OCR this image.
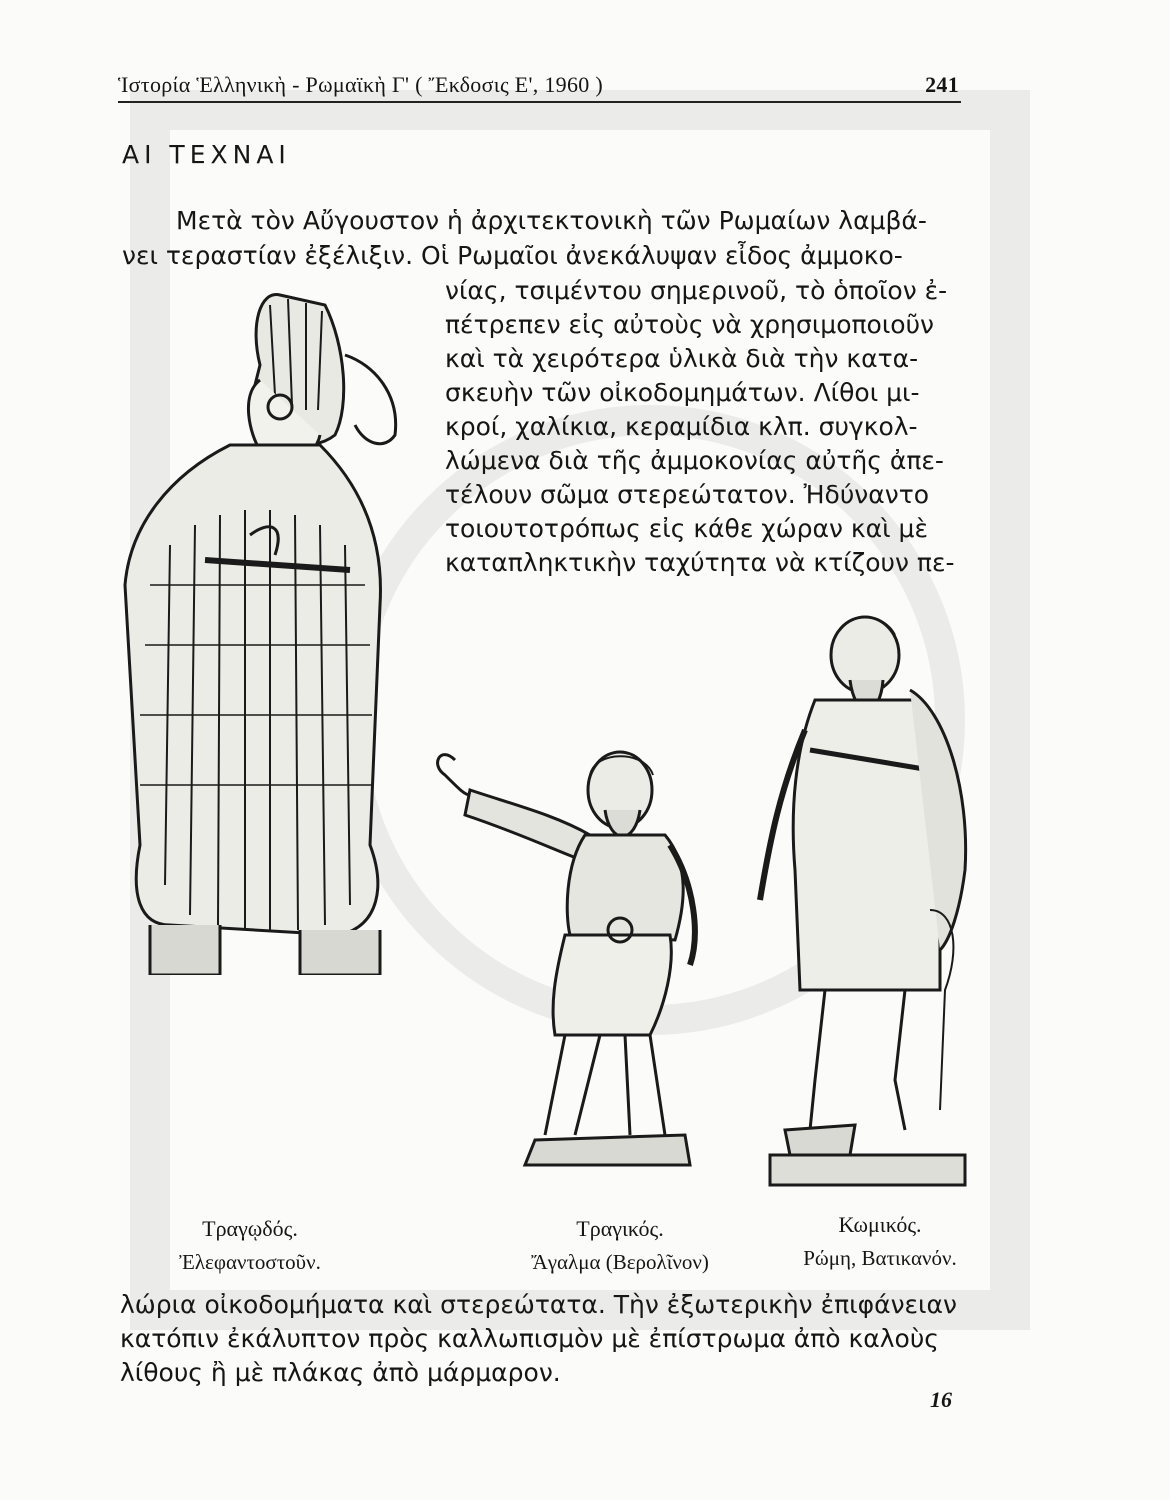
Ἱστορία Ἑλληνικὴ - Ρωμαϊκὴ Γ' ( Ἔκδοσις Ε', 1960 )	241
ΑΙ ΤΕΧΝΑΙ
Μετὰ τὸν Αὔγουστον ἡ ἀρχιτεκτονικὴ τῶν Ρωμαίων λαμβά-
νει τεραστίαν ἐξέλιξιν. Οἱ Ρωμαῖοι ἀνεκάλυψαν εἶδος ἀμμοκο-
νίας, τσιμέντου σημερινοῦ, τὸ ὁποῖον ἐ-
πέτρεπεν εἰς αὐτοὺς νὰ χρησιμοποιοῦν
καὶ τὰ χειρότερα ὑλικὰ διὰ τὴν κατα-
σκευὴν τῶν οἰκοδομημάτων. Λίθοι μι-
κροί, χαλίκια, κεραμίδια κλπ. συγκολ-
λώμενα διὰ τῆς ἀμμοκονίας αὐτῆς ἀπε-
τέλουν σῶμα στερεώτατον. Ἠδύναντο
τοιουτοτρόπως εἰς κάθε χώραν καὶ μὲ
καταπληκτικὴν ταχύτητα νὰ κτίζουν πε-
Τραγῳδός.
Ἐλεφαντοστοῦν.
Τραγικός.
Ἄγαλμα (Βερολῖνον)
Κωμικός.
Ρώμη, Βατικανόν.
λώρια οἰκοδομήματα καὶ στερεώτατα. Τὴν ἐξωτερικὴν ἐπιφάνειαν
κατόπιν ἐκάλυπτον πρὸς καλλωπισμὸν μὲ ἐπίστρωμα ἀπὸ καλοὺς
λίθους ἢ μὲ πλάκας ἀπὸ μάρμαρον.
16
